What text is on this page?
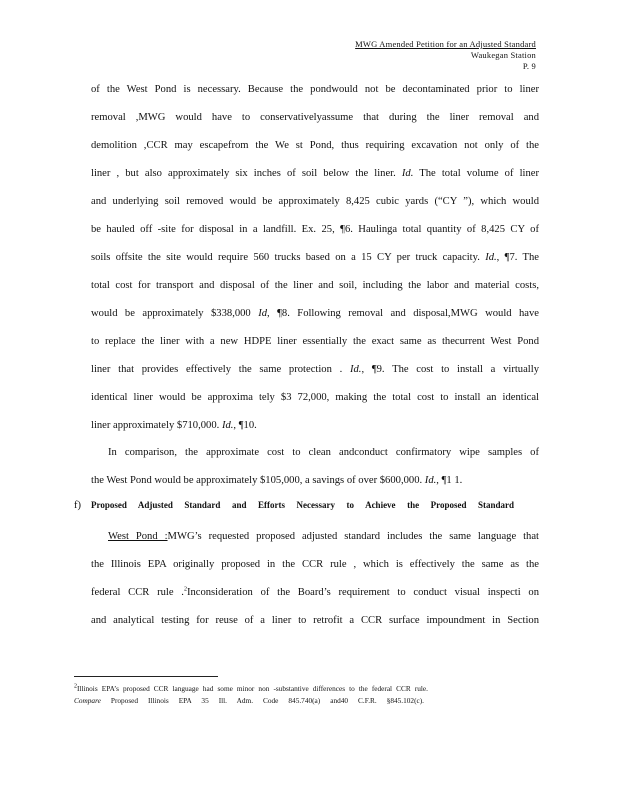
MWG Amended Petition for an Adjusted Standard
Waukegan Station
P. 9
of the West Pond is necessary. Because the pondwould not be decontaminated prior to liner
removal ,MWG would have to conservativelyassume that during the liner removal and
demolition ,CCR may escapefrom the We st Pond, thus requiring excavation not only of the
liner , but also approximately six inches of soil below the liner. Id. The total volume of liner
and underlying soil removed would be approximately 8,425 cubic yards (“CY ”), which would
be hauled off -site for disposal in a landfill. Ex. 25, ¶6. Haulinga total quantity of 8,425 CY of
soils offsite the site would require 560 trucks based on a 15 CY per truck capacity. Id., ¶7. The
total cost for transport and disposal of the liner and soil, including the labor and material costs,
would be approximately $338,000 Id, ¶8. Following removal and disposal,MWG would have
to replace the liner with a new HDPE liner essentially the exact same as thecurrent West Pond
liner that provides effectively the same protection . Id., ¶9. The cost to install a virtually
identical liner would be approxima tely $3 72,000, making the total cost to install an identical
liner approximately $710,000. Id., ¶10.
In comparison, the approximate cost to clean andconduct confirmatory wipe samples of
the West Pond would be approximately $105,000, a savings of over $600,000. Id., ¶1 1.
West Pond :MWG’s requested proposed adjusted standard includes the same language that
the Illinois EPA originally proposed in the CCR rule , which is effectively the same as the
federal CCR rule .$^2$Inconsideration of the Board’s requirement to conduct visual inspecti on
and analytical testing for reuse of a liner to retrofit a CCR surface impoundment in Section
f) Proposed Adjusted Standard and Efforts Necessary to Achieve the Proposed Standard
$^2$Illinois EPA’s proposed CCR language had some minor non -substantive differences to the federal CCR rule.
Compare Proposed Illinois EPA 35 Ill. Adm. Code 845.740(a) and40 C.F.R. §845.102(c).
